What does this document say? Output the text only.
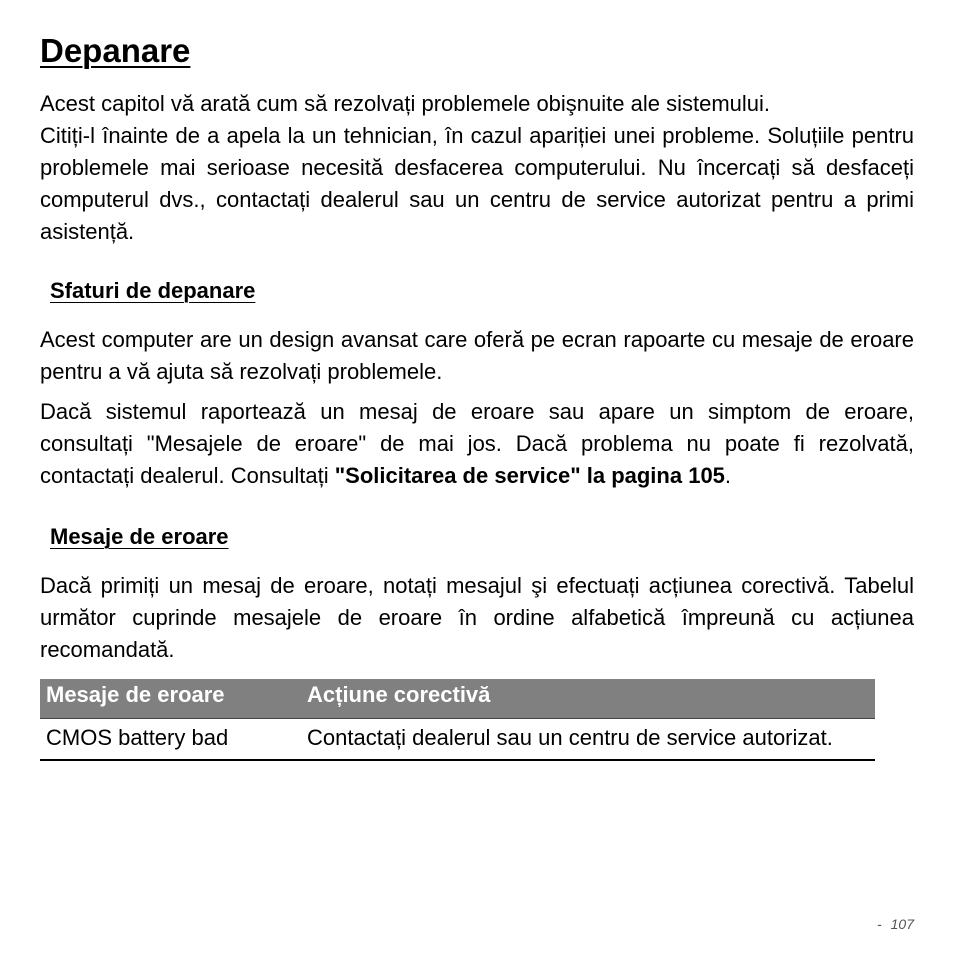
Depanare

Acest capitol vă arată cum să rezolvați problemele obişnuite ale sistemului.

Citiți-l înainte de a apela la un tehnician, în cazul apariției unei probleme. Soluțiile pentru problemele mai serioase necesită desfacerea computerului. Nu încercați să desfaceți computerul dvs., contactați dealerul sau un centru de service autorizat pentru a primi asistență.

Sfaturi de depanare

Acest computer are un design avansat care oferă pe ecran rapoarte cu mesaje de eroare pentru a vă ajuta să rezolvați problemele.

Dacă sistemul raportează un mesaj de eroare sau apare un simptom de eroare, consultați "Mesajele de eroare" de mai jos. Dacă problema nu poate fi rezolvată, contactați dealerul. Consultați "Solicitarea de service" la pagina 105.

Mesaje de eroare

Dacă primiți un mesaj de eroare, notați mesajul şi efectuați acțiunea corectivă. Tabelul următor cuprinde mesajele de eroare în ordine alfabetică împreună cu acțiunea recomandată.

Mesaje de eroare	Acțiune corectivă
CMOS battery bad	Contactați dealerul sau un centru de service autorizat.
- 107
